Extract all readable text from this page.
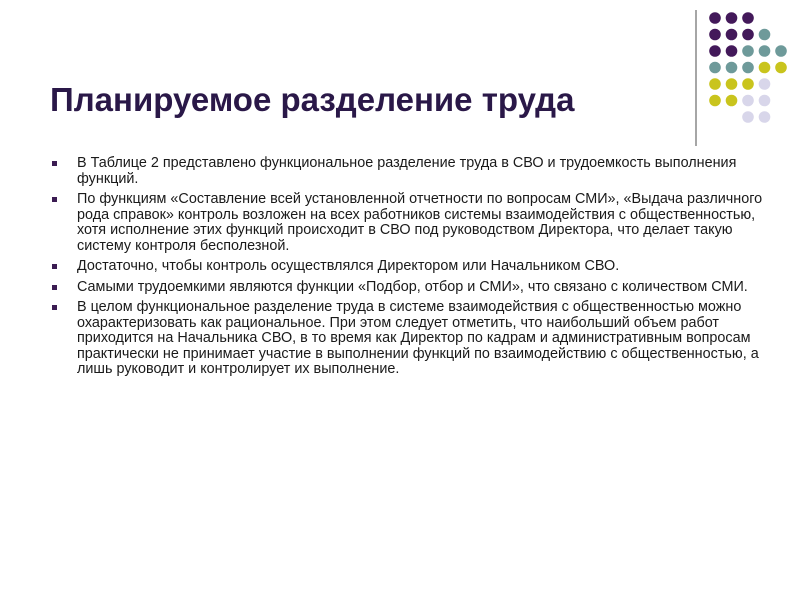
Планируемое разделение труда
В Таблице 2 представлено функциональное разделение труда в СВО и трудоемкость выполнения функций.
По функциям «Составление всей установленной отчетности по вопросам СМИ», «Выдача различного рода справок» контроль возложен на всех работников системы взаимодействия с общественностью, хотя исполнение этих функций происходит в СВО под руководством Директора, что делает такую систему контроля бесполезной.
Достаточно, чтобы контроль осуществлялся Директором или Начальником СВО.
Самыми трудоемкими являются функции «Подбор, отбор и СМИ», что связано с количеством СМИ.
В целом функциональное разделение труда в системе взаимодействия с общественностью можно охарактеризовать как рациональное. При этом следует отметить, что наибольший объем работ приходится на Начальника СВО, в то время как Директор по кадрам и административным вопросам практически не принимает участие в выполнении функций по взаимодействию с общественностью, а лишь руководит и контролирует их выполнение.
